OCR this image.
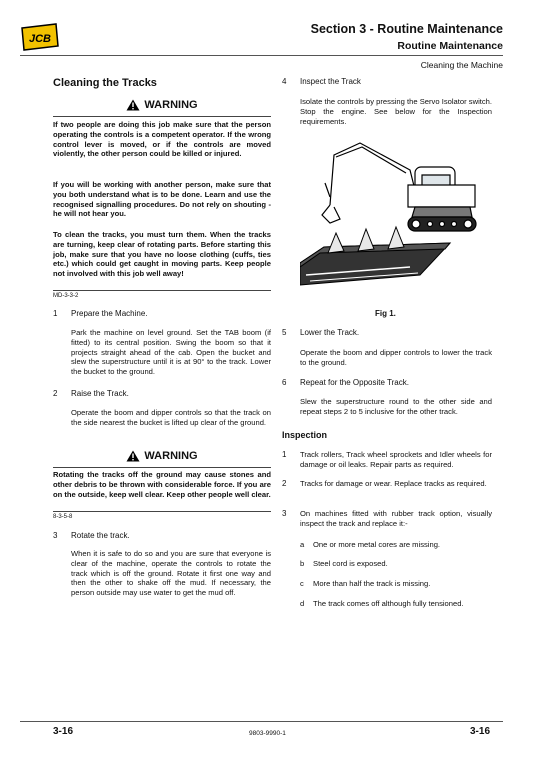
JCB
Section 3 - Routine Maintenance
Routine Maintenance
Cleaning the Machine
Cleaning the Tracks
WARNING
If two people are doing this job make sure that the person operating the controls is a competent operator. If the wrong control lever is moved, or if the controls are moved violently, the other person could be killed or injured.
If you will be working with another person, make sure that you both understand what is to be done. Learn and use the recognised signalling procedures. Do not rely on shouting - he will not hear you.
To clean the tracks, you must turn them. When the tracks are turning, keep clear of rotating parts. Before starting this job, make sure that you have no loose clothing (cuffs, ties etc.) which could get caught in moving parts. Keep people not involved with this job well away!
MD-3-3-2
1 Prepare the Machine.
Park the machine on level ground. Set the TAB boom (if fitted) to its central position. Swing the boom so that it projects straight ahead of the cab. Open the bucket and slew the superstructure until it is at 90° to the track. Lower the bucket to the ground.
2 Raise the Track.
Operate the boom and dipper controls so that the track on the side nearest the bucket is lifted up clear of the ground.
WARNING
Rotating the tracks off the ground may cause stones and other debris to be thrown with considerable force. If you are on the outside, keep well clear. Keep other people well clear.
8-3-5-8
3 Rotate the track.
When it is safe to do so and you are sure that everyone is clear of the machine, operate the controls to rotate the track which is off the ground. Rotate it first one way and then the other to shake off the mud. If necessary, the person outside may use water to get the mud off.
4 Inspect the Track
Isolate the controls by pressing the Servo Isolator switch. Stop the engine. See below for the Inspection requirements.
Fig 1.
5 Lower the Track.
Operate the boom and dipper controls to lower the track to the ground.
6 Repeat for the Opposite Track.
Slew the superstructure round to the other side and repeat steps 2 to 5 inclusive for the other track.
Inspection
1 Track rollers, Track wheel sprockets and Idler wheels for damage or oil leaks. Repair parts as required.
2 Tracks for damage or wear. Replace tracks as required.
3 On machines fitted with rubber track option, visually inspect the track and replace it:-
a One or more metal cores are missing.
b Steel cord is exposed.
c More than half the track is missing.
d The track comes off although fully tensioned.
3-16	9803-9990-1	3-16
